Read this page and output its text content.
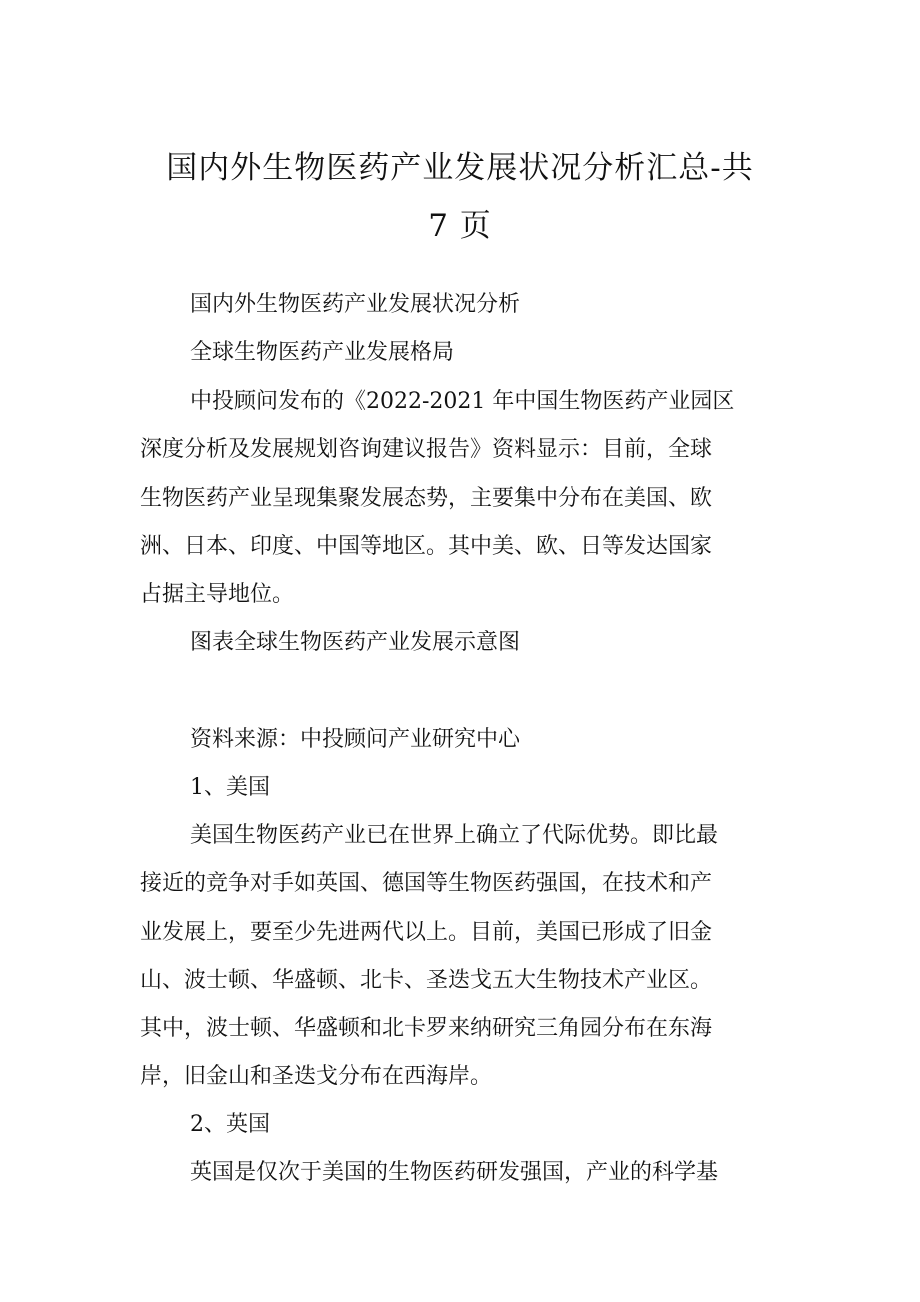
国内外生物医药产业发展状况分析汇总-共
7 页

国内外生物医药产业发展状况分析

全球生物医药产业发展格局

中投顾问发布的《2022-2021 年中国生物医药产业园区

深度分析及发展规划咨询建议报告》资料显示：目前，全球

生物医药产业呈现集聚发展态势，主要集中分布在美国、欧

洲、日本、印度、中国等地区。其中美、欧、日等发达国家

占据主导地位。

图表全球生物医药产业发展示意图

资料来源：中投顾问产业研究中心

1、美国

美国生物医药产业已在世界上确立了代际优势。即比最

接近的竞争对手如英国、德国等生物医药强国，在技术和产

业发展上，要至少先进两代以上。目前，美国已形成了旧金

山、波士顿、华盛顿、北卡、圣迭戈五大生物技术产业区。

其中，波士顿、华盛顿和北卡罗来纳研究三角园分布在东海

岸，旧金山和圣迭戈分布在西海岸。

2、英国

英国是仅次于美国的生物医药研发强国，产业的科学基
